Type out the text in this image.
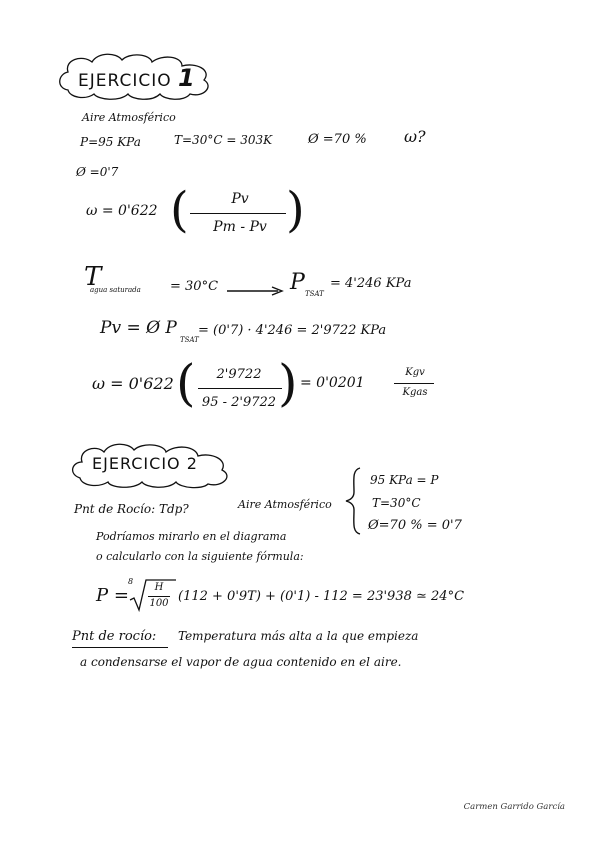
EJERCICIO 1
Aire Atmosférico
P=95 KPa	T=30°C = 303K	Ø =70 % ω?
Ø =0'7
ω = 0'622 (	Pv
Pm - Pv )
T
agua saturada = 30°C	P TSAT
= 4'246 KPa
Pv = Ø P
TSAT
= (0'7) · 4'246 = 2'9722 KPa
ω = 0'622 (	2'9722
95 - 2'9722 ) = 0'0201
Kgv
Kgas
EJERCICIO 2
Pnt de Rocío: Tdp?	Aire Atmosférico
95 KPa = P
T=30°C
Ø=70 % = 0'7
Podríamos mirarlo en el diagrama
o calcularlo con la siguiente fórmula:
P =
8
H
100 (112 + 0'9T) + (0'1) - 112 = 23'938 ≃ 24°C
Pnt de rocío: Temperatura más alta a la que empieza
a condensarse el vapor de agua contenido en el aire.
Carmen Garrido García
